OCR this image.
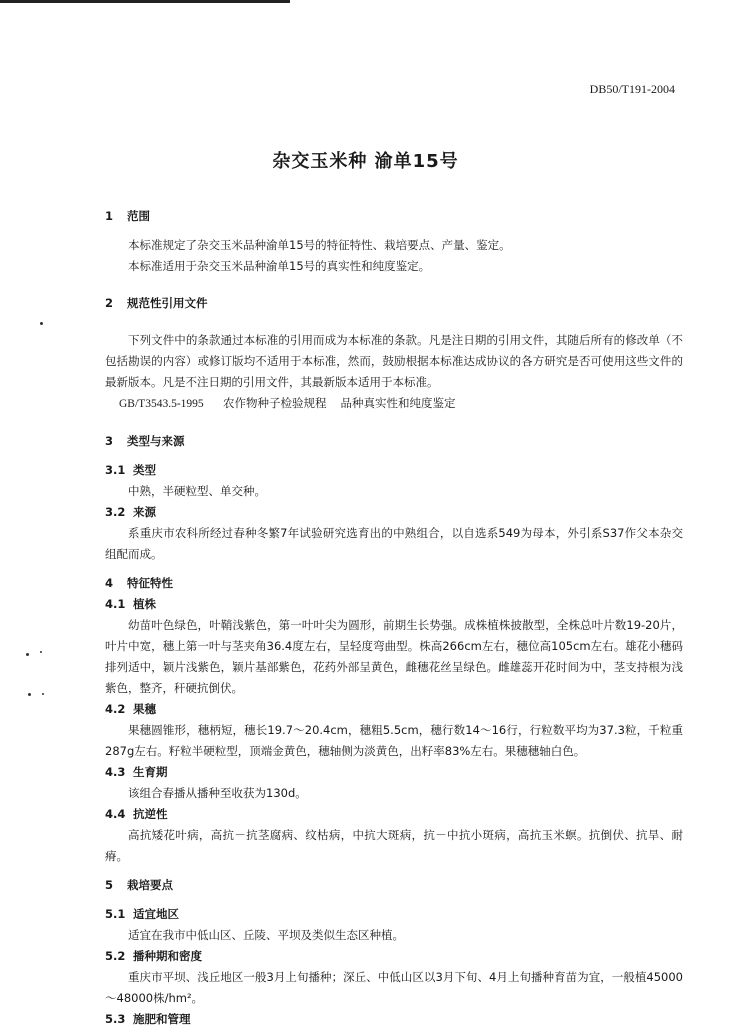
DB50/T191-2004
杂交玉米种 渝单15号

1 范围

本标准规定了杂交玉米品种渝单15号的特征特性、栽培要点、产量、鉴定。

本标准适用于杂交玉米品种渝单15号的真实性和纯度鉴定。

2 规范性引用文件

下列文件中的条款通过本标准的引用而成为本标准的条款。凡是注日期的引用文件，其随后所有的修改单（不包括勘误的内容）或修订版均不适用于本标准，然而，鼓励根据本标准达成协议的各方研究是否可使用这些文件的最新版本。凡是不注日期的引用文件，其最新版本适用于本标准。

GB/T3543.5-1995 农作物种子检验规程 品种真实性和纯度鉴定

3 类型与来源

3.1 类型

中熟，半硬粒型、单交种。

3.2 来源

系重庆市农科所经过春种冬繁7年试验研究选育出的中熟组合，以自选系549为母本，外引系S37作父本杂交组配而成。

4 特征特性

4.1 植株

幼苗叶色绿色，叶鞘浅紫色，第一叶叶尖为圆形，前期生长势强。成株植株披散型，全株总叶片数19-20片，叶片中宽，穗上第一叶与茎夹角36.4度左右，呈轻度弯曲型。株高266cm左右，穗位高105cm左右。雄花小穗码排列适中，颖片浅紫色，颖片基部紫色，花药外部呈黄色，雌穗花丝呈绿色。雌雄蕊开花时间为中，茎支持根为浅紫色，整齐，秆硬抗倒伏。

4.2 果穗

果穗圆锥形，穗柄短，穗长19.7～20.4cm，穗粗5.5cm，穗行数14～16行，行粒数平均为37.3粒，千粒重287g左右。籽粒半硬粒型，顶端金黄色，穗轴侧为淡黄色，出籽率83%左右。果穗穗轴白色。

4.3 生育期

该组合春播从播种至收获为130d。

4.4 抗逆性

高抗矮花叶病，高抗－抗茎腐病、纹枯病，中抗大斑病，抗－中抗小斑病，高抗玉米螟。抗倒伏、抗旱、耐瘠。

5 栽培要点

5.1 适宜地区

适宜在我市中低山区、丘陵、平坝及类似生态区种植。

5.2 播种期和密度

重庆市平坝、浅丘地区一般3月上旬播种；深丘、中低山区以3月下旬、4月上旬播种育苗为宜，一般植45000～48000株/hm²。

5.3 施肥和管理
